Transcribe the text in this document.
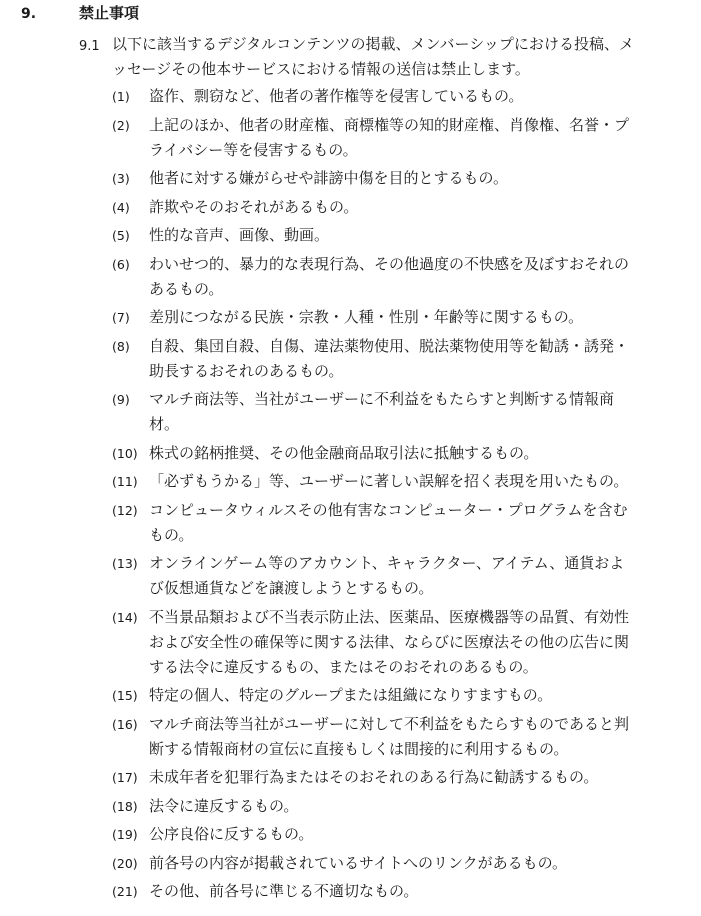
9.	禁止事項
9.1 以下に該当するデジタルコンテンツの掲載、メンバーシップにおける投稿、メッセージその他本サービスにおける情報の送信は禁止します。
(1)	盗作、剽窃など、他者の著作権等を侵害しているもの。
(2)	上記のほか、他者の財産権、商標権等の知的財産権、肖像権、名誉・プライバシー等を侵害するもの。
(3)	他者に対する嫌がらせや誹謗中傷を目的とするもの。
(4)	詐欺やそのおそれがあるもの。
(5)	性的な音声、画像、動画。
(6)	わいせつ的、暴力的な表現行為、その他過度の不快感を及ぼすおそれのあるもの。
(7)	差別につながる民族・宗教・人種・性別・年齢等に関するもの。
(8)	自殺、集団自殺、自傷、違法薬物使用、脱法薬物使用等を勧誘・誘発・助長するおそれのあるもの。
(9)	マルチ商法等、当社がユーザーに不利益をもたらすと判断する情報商材。
(10) 株式の銘柄推奨、その他金融商品取引法に抵触するもの。
(11) 「必ずもうかる」等、ユーザーに著しい誤解を招く表現を用いたもの。
(12) コンピュータウィルスその他有害なコンピューター・プログラムを含むもの。
(13) オンラインゲーム等のアカウント、キャラクター、アイテム、通貨および仮想通貨などを譲渡しようとするもの。
(14) 不当景品類および不当表示防止法、医薬品、医療機器等の品質、有効性および安全性の確保等に関する法律、ならびに医療法その他の広告に関する法令に違反するもの、またはそのおそれのあるもの。
(15) 特定の個人、特定のグループまたは組織になりすますもの。
(16) マルチ商法等当社がユーザーに対して不利益をもたらすものであると判断する情報商材の宣伝に直接もしくは間接的に利用するもの。
(17) 未成年者を犯罪行為またはそのおそれのある行為に勧誘するもの。
(18) 法令に違反するもの。
(19) 公序良俗に反するもの。
(20) 前各号の内容が掲載されているサイトへのリンクがあるもの。
(21) その他、前各号に準じる不適切なもの。
